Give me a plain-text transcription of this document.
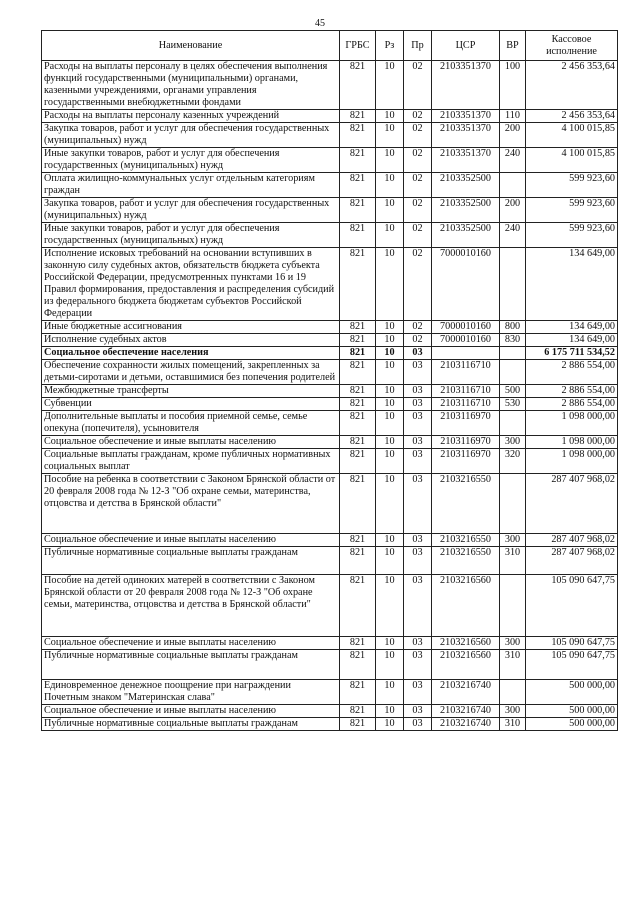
45
Наименование	ГРБС	Рз	Пр	ЦСР	ВР	Кассовое исполнение
Расходы на выплаты персоналу в целях обеспечения выполнения функций государственными (муниципальными) органами, казенными учреждениями, органами управления государственными внебюджетными фондами	821	10	02	2103351370	100	2 456 353,64
Расходы на выплаты персоналу казенных учреждений	821	10	02	2103351370	110	2 456 353,64
Закупка товаров, работ и услуг для обеспечения государственных (муниципальных) нужд	821	10	02	2103351370	200	4 100 015,85
Иные закупки товаров, работ и услуг для обеспечения государственных (муниципальных) нужд	821	10	02	2103351370	240	4 100 015,85
Оплата жилищно-коммунальных услуг отдельным категориям граждан	821	10	02	2103352500		599 923,60
Закупка товаров, работ и услуг для обеспечения государственных (муниципальных) нужд	821	10	02	2103352500	200	599 923,60
Иные закупки товаров, работ и услуг для обеспечения государственных (муниципальных) нужд	821	10	02	2103352500	240	599 923,60
Исполнение исковых требований на основании вступивших в законную силу судебных актов, обязательств бюджета субъекта Российской Федерации, предусмотренных пунктами 16 и 19 Правил формирования, предоставления и распределения субсидий из федерального бюджета бюджетам субъектов Российской Федерации	821	10	02	7000010160		134 649,00
Иные бюджетные ассигнования	821	10	02	7000010160	800	134 649,00
Исполнение судебных актов	821	10	02	7000010160	830	134 649,00
Социальное обеспечение населения	821	10	03			6 175 711 534,52
Обеспечение сохранности жилых помещений, закрепленных за детьми-сиротами и детьми, оставшимися без попечения родителей	821	10	03	2103116710		2 886 554,00
Межбюджетные трансферты	821	10	03	2103116710	500	2 886 554,00
Субвенции	821	10	03	2103116710	530	2 886 554,00
Дополнительные выплаты и пособия приемной семье, семье опекуна (попечителя), усыновителя	821	10	03	2103116970		1 098 000,00
Социальное обеспечение и иные выплаты населению	821	10	03	2103116970	300	1 098 000,00
Социальные выплаты гражданам, кроме публичных нормативных социальных выплат	821	10	03	2103116970	320	1 098 000,00
Пособие на ребенка в соответствии с Законом Брянской области от 20 февраля 2008 года № 12-З "Об охране семьи, материнства, отцовства и детства в Брянской области"	821	10	03	2103216550		287 407 968,02
Социальное обеспечение и иные выплаты населению	821	10	03	2103216550	300	287 407 968,02
Публичные нормативные социальные выплаты гражданам	821	10	03	2103216550	310	287 407 968,02
Пособие на детей одиноких матерей в соответствии с Законом Брянской области от 20 февраля 2008 года № 12-З "Об охране семьи, материнства, отцовства и детства в Брянской области"	821	10	03	2103216560		105 090 647,75
Социальное обеспечение и иные выплаты населению	821	10	03	2103216560	300	105 090 647,75
Публичные нормативные социальные выплаты гражданам	821	10	03	2103216560	310	105 090 647,75
Единовременное денежное поощрение при награждении Почетным знаком "Материнская слава"	821	10	03	2103216740		500 000,00
Социальное обеспечение и иные выплаты населению	821	10	03	2103216740	300	500 000,00
Публичные нормативные социальные выплаты гражданам	821	10	03	2103216740	310	500 000,00
